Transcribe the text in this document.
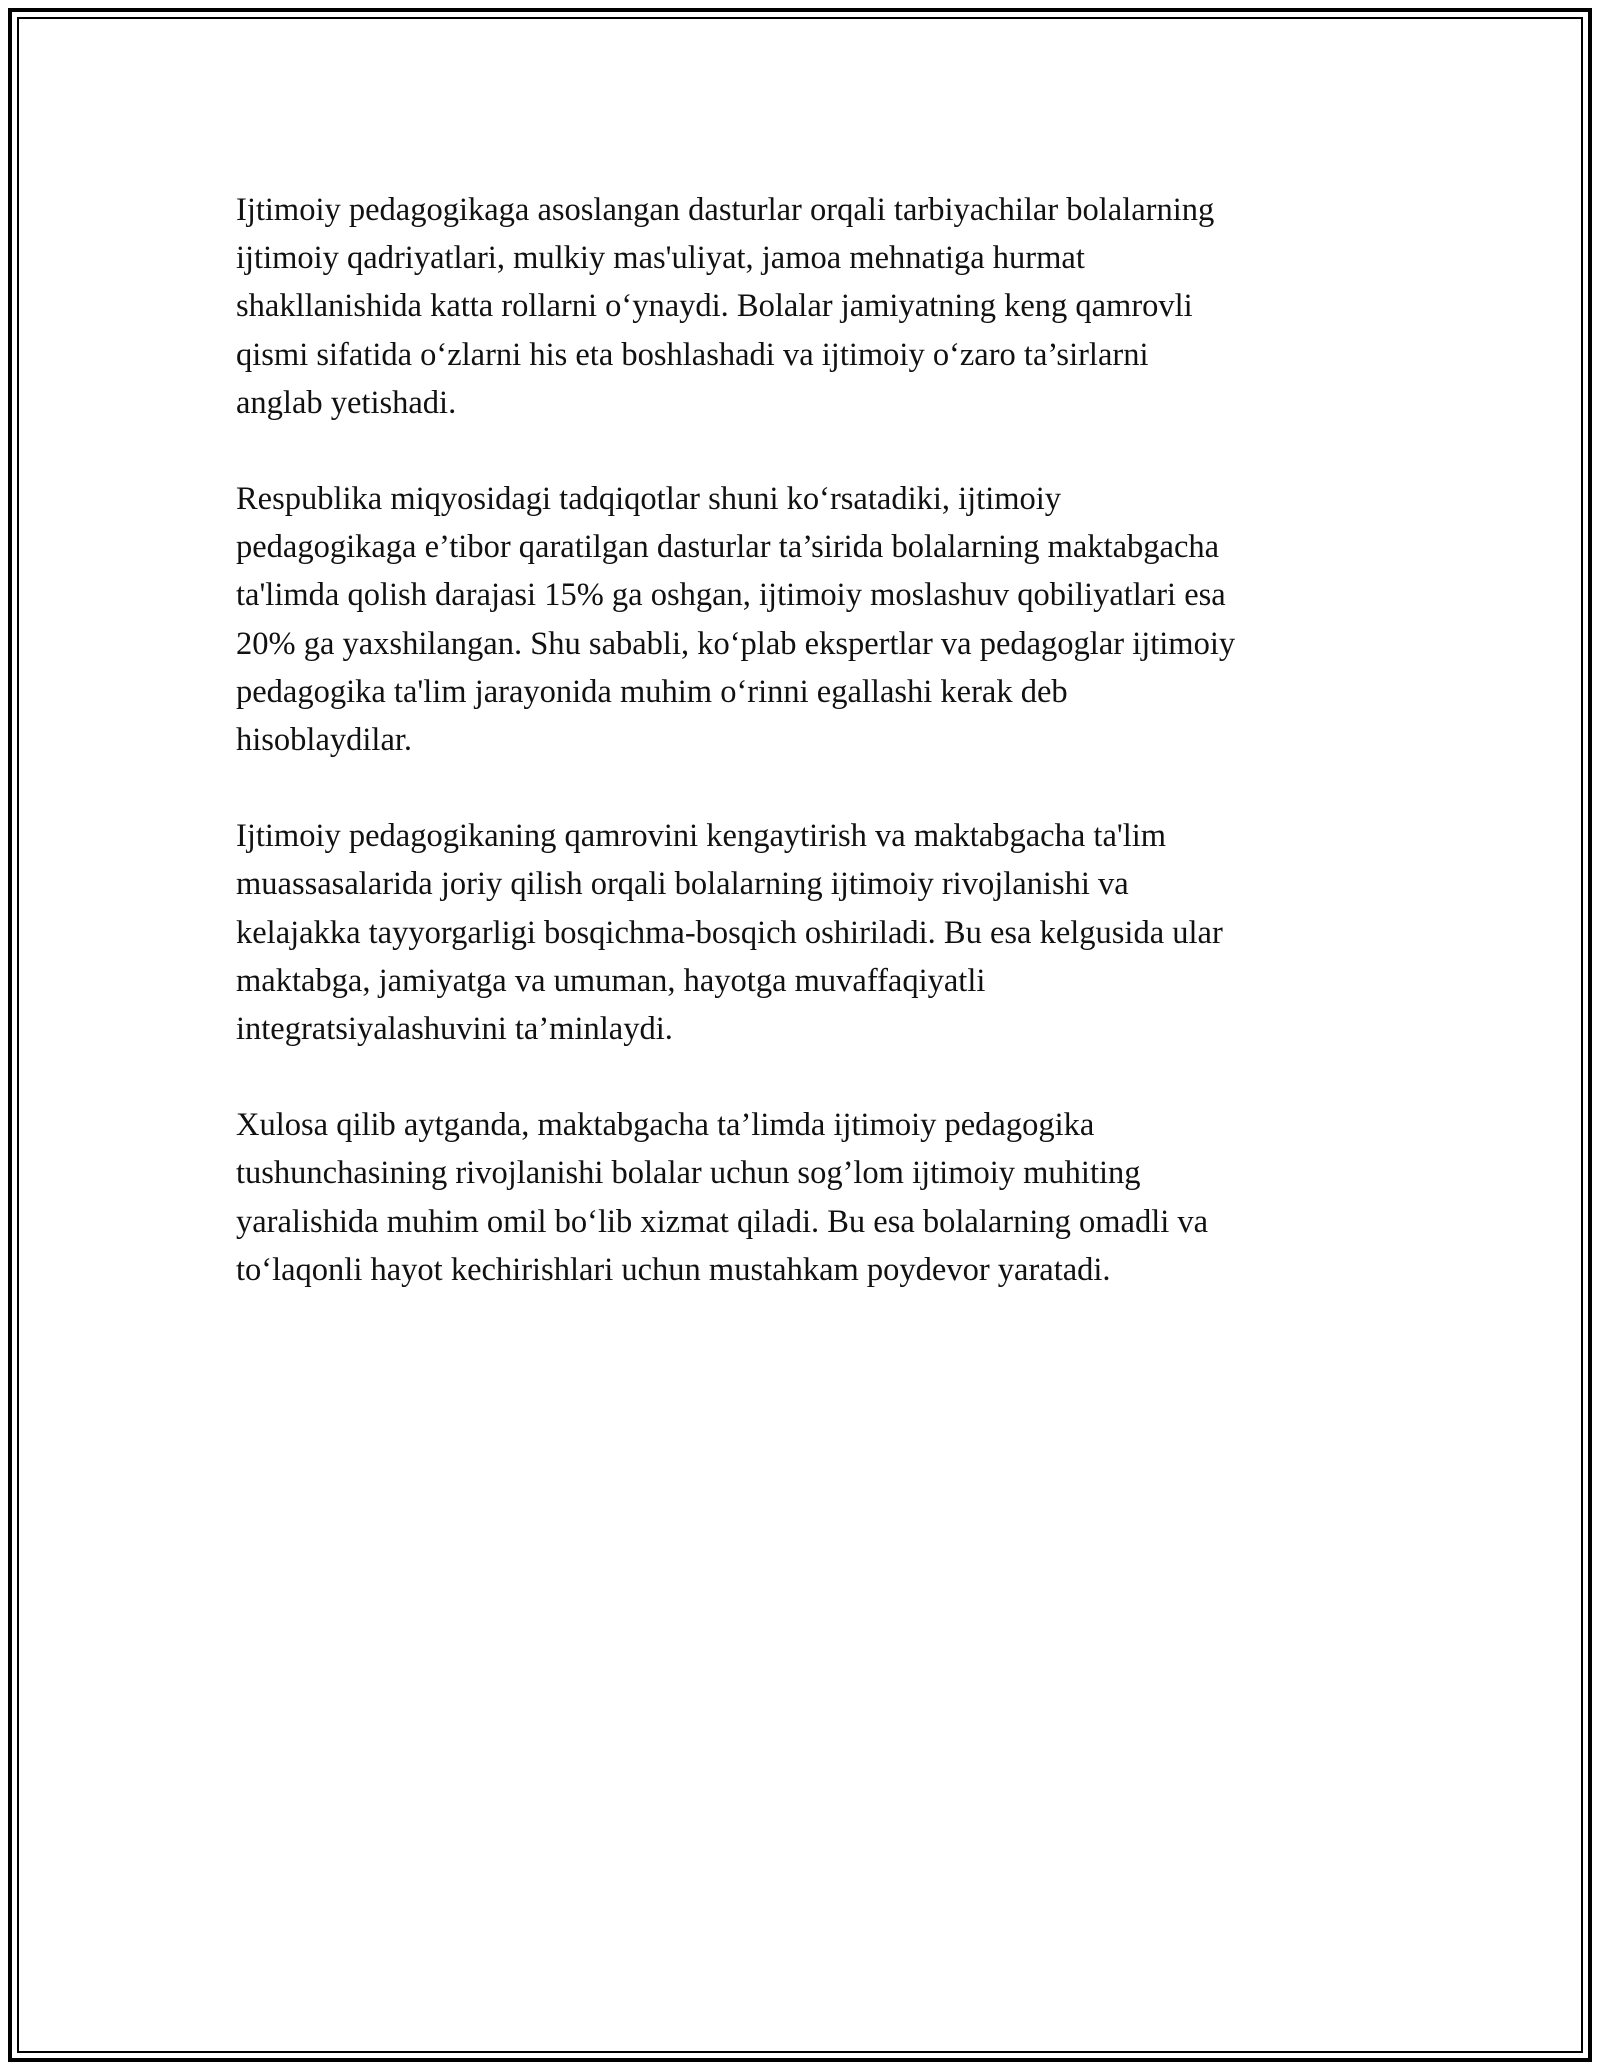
Ijtimoiy pedagogikaga asoslangan dasturlar orqali tarbiyachilar bolalarning
ijtimoiy qadriyatlari, mulkiy mas'uliyat, jamoa mehnatiga hurmat
shakllanishida katta rollarni o‘ynaydi. Bolalar jamiyatning keng qamrovli
qismi sifatida o‘zlarni his eta boshlashadi va ijtimoiy o‘zaro ta’sirlarni
anglab yetishadi.

Respublika miqyosidagi tadqiqotlar shuni ko‘rsatadiki, ijtimoiy
pedagogikaga e’tibor qaratilgan dasturlar ta’sirida bolalarning maktabgacha
ta'limda qolish darajasi 15% ga oshgan, ijtimoiy moslashuv qobiliyatlari esa
20% ga yaxshilangan. Shu sababli, ko‘plab ekspertlar va pedagoglar ijtimoiy
pedagogika ta'lim jarayonida muhim o‘rinni egallashi kerak deb
hisoblaydilar.

Ijtimoiy pedagogikaning qamrovini kengaytirish va maktabgacha ta'lim
muassasalarida joriy qilish orqali bolalarning ijtimoiy rivojlanishi va
kelajakka tayyorgarligi bosqichma-bosqich oshiriladi. Bu esa kelgusida ular
maktabga, jamiyatga va umuman, hayotga muvaffaqiyatli
integratsiyalashuvini ta’minlaydi.

Xulosa qilib aytganda, maktabgacha ta’limda ijtimoiy pedagogika
tushunchasining rivojlanishi bolalar uchun sog’lom ijtimoiy muhiting
yaralishida muhim omil bo‘lib xizmat qiladi. Bu esa bolalarning omadli va
to‘laqonli hayot kechirishlari uchun mustahkam poydevor yaratadi.
